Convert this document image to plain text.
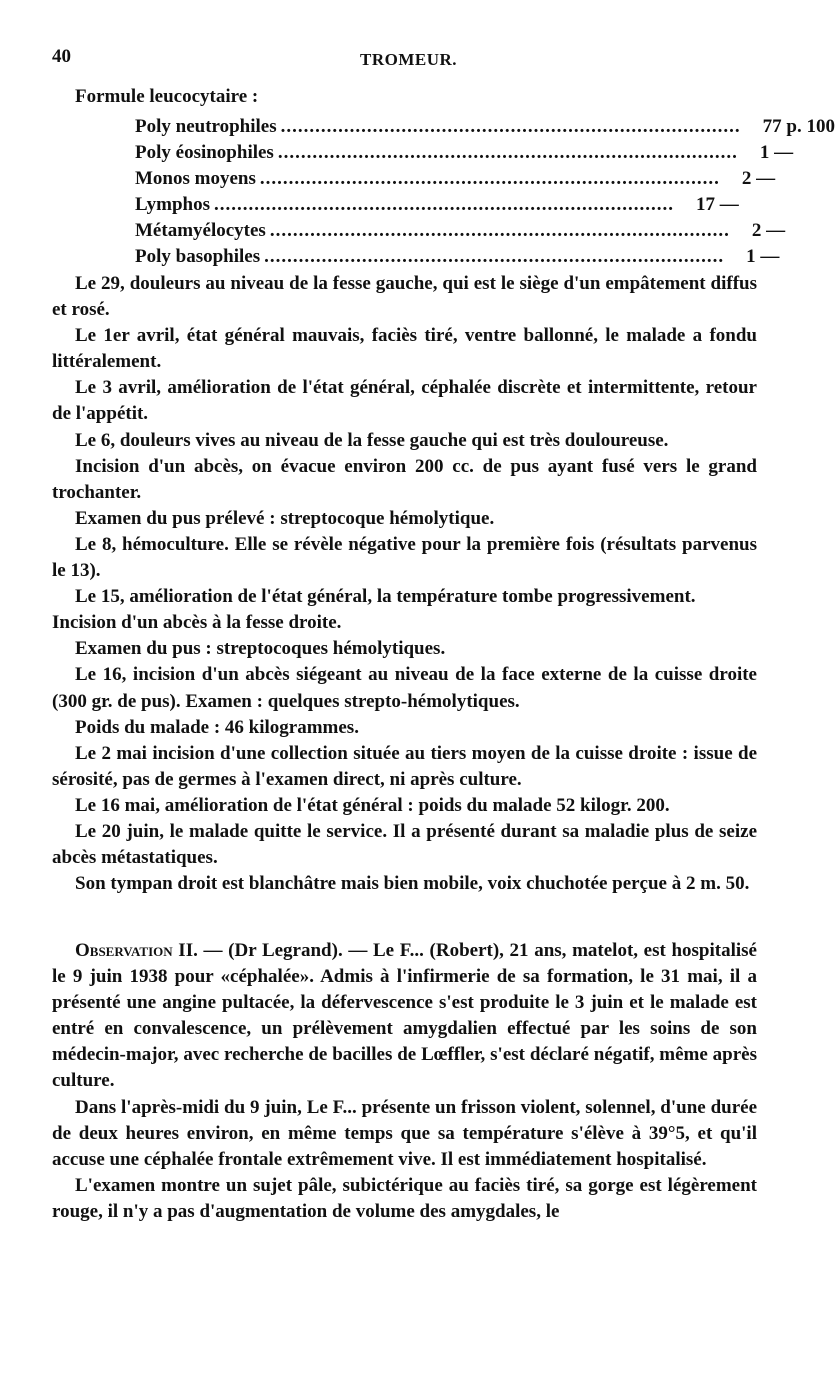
40	TROMEUR.
Formule leucocytaire :
Poly neutrophiles ................................................................................	77 p. 100
Poly éosinophiles ................................................................................	1 —
Monos moyens ................................................................................	2 —
Lymphos ................................................................................	17 —
Métamyélocytes ................................................................................	2 —
Poly basophiles ................................................................................	1 —

Le 29, douleurs au niveau de la fesse gauche, qui est le siège d'un empâtement diffus et rosé.

Le 1er avril, état général mauvais, faciès tiré, ventre ballonné, le malade a fondu littéralement.

Le 3 avril, amélioration de l'état général, céphalée discrète et intermittente, retour de l'appétit.

Le 6, douleurs vives au niveau de la fesse gauche qui est très douloureuse.

Incision d'un abcès, on évacue environ 200 cc. de pus ayant fusé vers le grand trochanter.

Examen du pus prélevé : streptocoque hémolytique.

Le 8, hémoculture. Elle se révèle négative pour la première fois (résultats parvenus le 13).

Le 15, amélioration de l'état général, la température tombe progressivement.

Incision d'un abcès à la fesse droite.

Examen du pus : streptocoques hémolytiques.

Le 16, incision d'un abcès siégeant au niveau de la face externe de la cuisse droite (300 gr. de pus). Examen : quelques strepto-hémolytiques.

Poids du malade : 46 kilogrammes.

Le 2 mai incision d'une collection située au tiers moyen de la cuisse droite : issue de sérosité, pas de germes à l'examen direct, ni après culture.

Le 16 mai, amélioration de l'état général : poids du malade 52 kilogr. 200.

Le 20 juin, le malade quitte le service. Il a présenté durant sa maladie plus de seize abcès métastatiques.

Son tympan droit est blanchâtre mais bien mobile, voix chuchotée perçue à 2 m. 50.

Observation II. — (Dr Legrand). — Le F... (Robert), 21 ans, matelot, est hospitalisé le 9 juin 1938 pour «céphalée». Admis à l'infirmerie de sa formation, le 31 mai, il a présenté une angine pultacée, la défervescence s'est produite le 3 juin et le malade est entré en convalescence, un prélèvement amygdalien effectué par les soins de son médecin-major, avec recherche de bacilles de Lœffler, s'est déclaré négatif, même après culture.

Dans l'après-midi du 9 juin, Le F... présente un frisson violent, solennel, d'une durée de deux heures environ, en même temps que sa température s'élève à 39°5, et qu'il accuse une céphalée frontale extrêmement vive. Il est immédiatement hospitalisé.

L'examen montre un sujet pâle, subictérique au faciès tiré, sa gorge est légèrement rouge, il n'y a pas d'augmentation de volume des amygdales, le
